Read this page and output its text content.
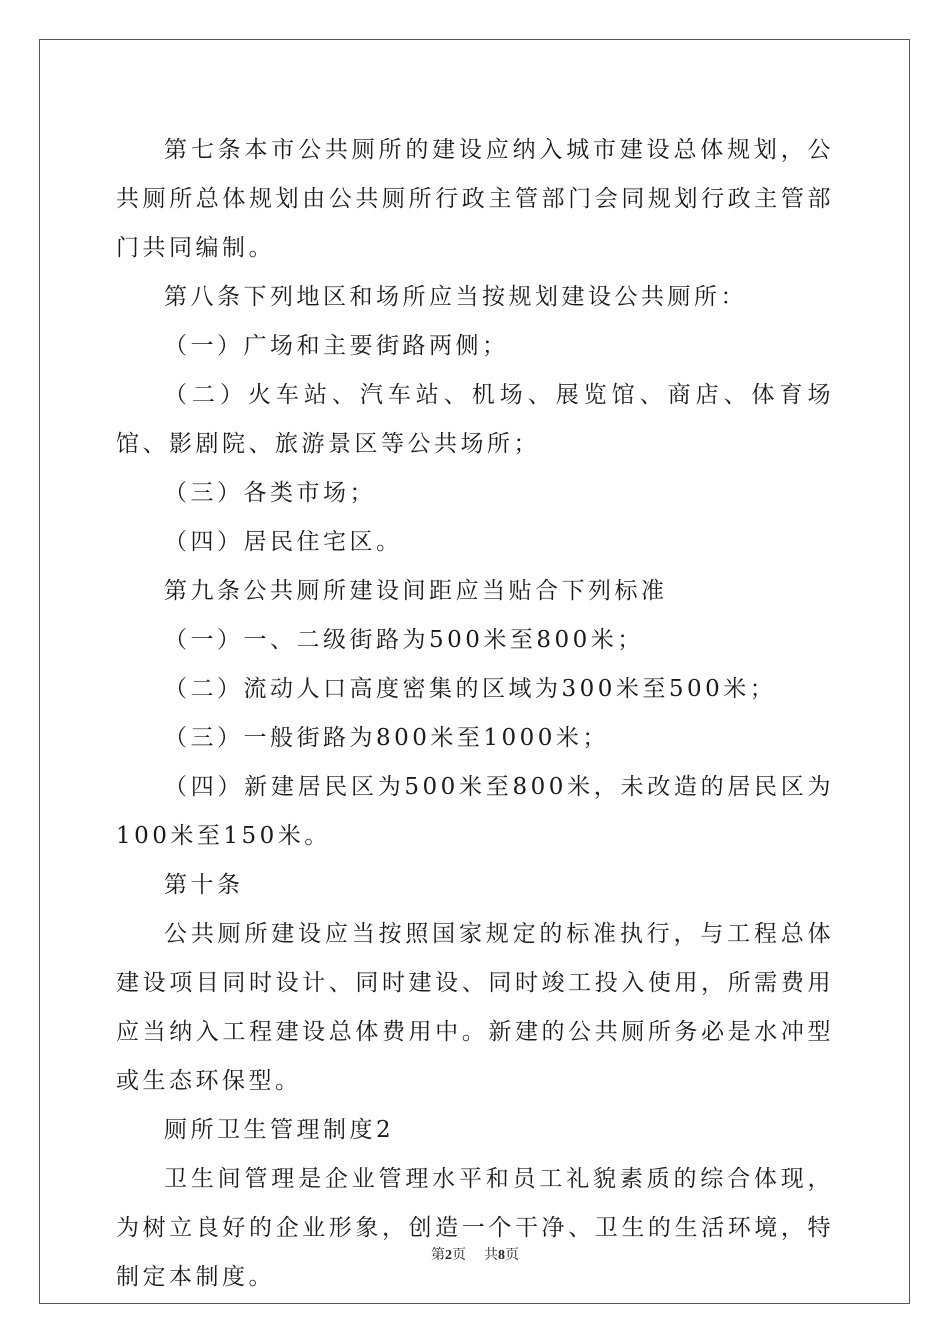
第七条本市公共厕所的建设应纳入城市建设总体规划，公共厕所总体规划由公共厕所行政主管部门会同规划行政主管部门共同编制。

第八条下列地区和场所应当按规划建设公共厕所：

（一）广场和主要街路两侧；

（二）火车站、汽车站、机场、展览馆、商店、体育场馆、影剧院、旅游景区等公共场所；

（三）各类市场；

（四）居民住宅区。

第九条公共厕所建设间距应当贴合下列标准

（一）一、二级街路为500米至800米；

（二）流动人口高度密集的区域为300米至500米；

（三）一般街路为800米至1000米；

（四）新建居民区为500米至800米，未改造的居民区为100米至150米。

第十条

公共厕所建设应当按照国家规定的标准执行，与工程总体建设项目同时设计、同时建设、同时竣工投入使用，所需费用应当纳入工程建设总体费用中。新建的公共厕所务必是水冲型或生态环保型。

厕所卫生管理制度2

卫生间管理是企业管理水平和员工礼貌素质的综合体现，为树立良好的企业形象，创造一个干净、卫生的生活环境，特制定本制度。

第2页 共8页
